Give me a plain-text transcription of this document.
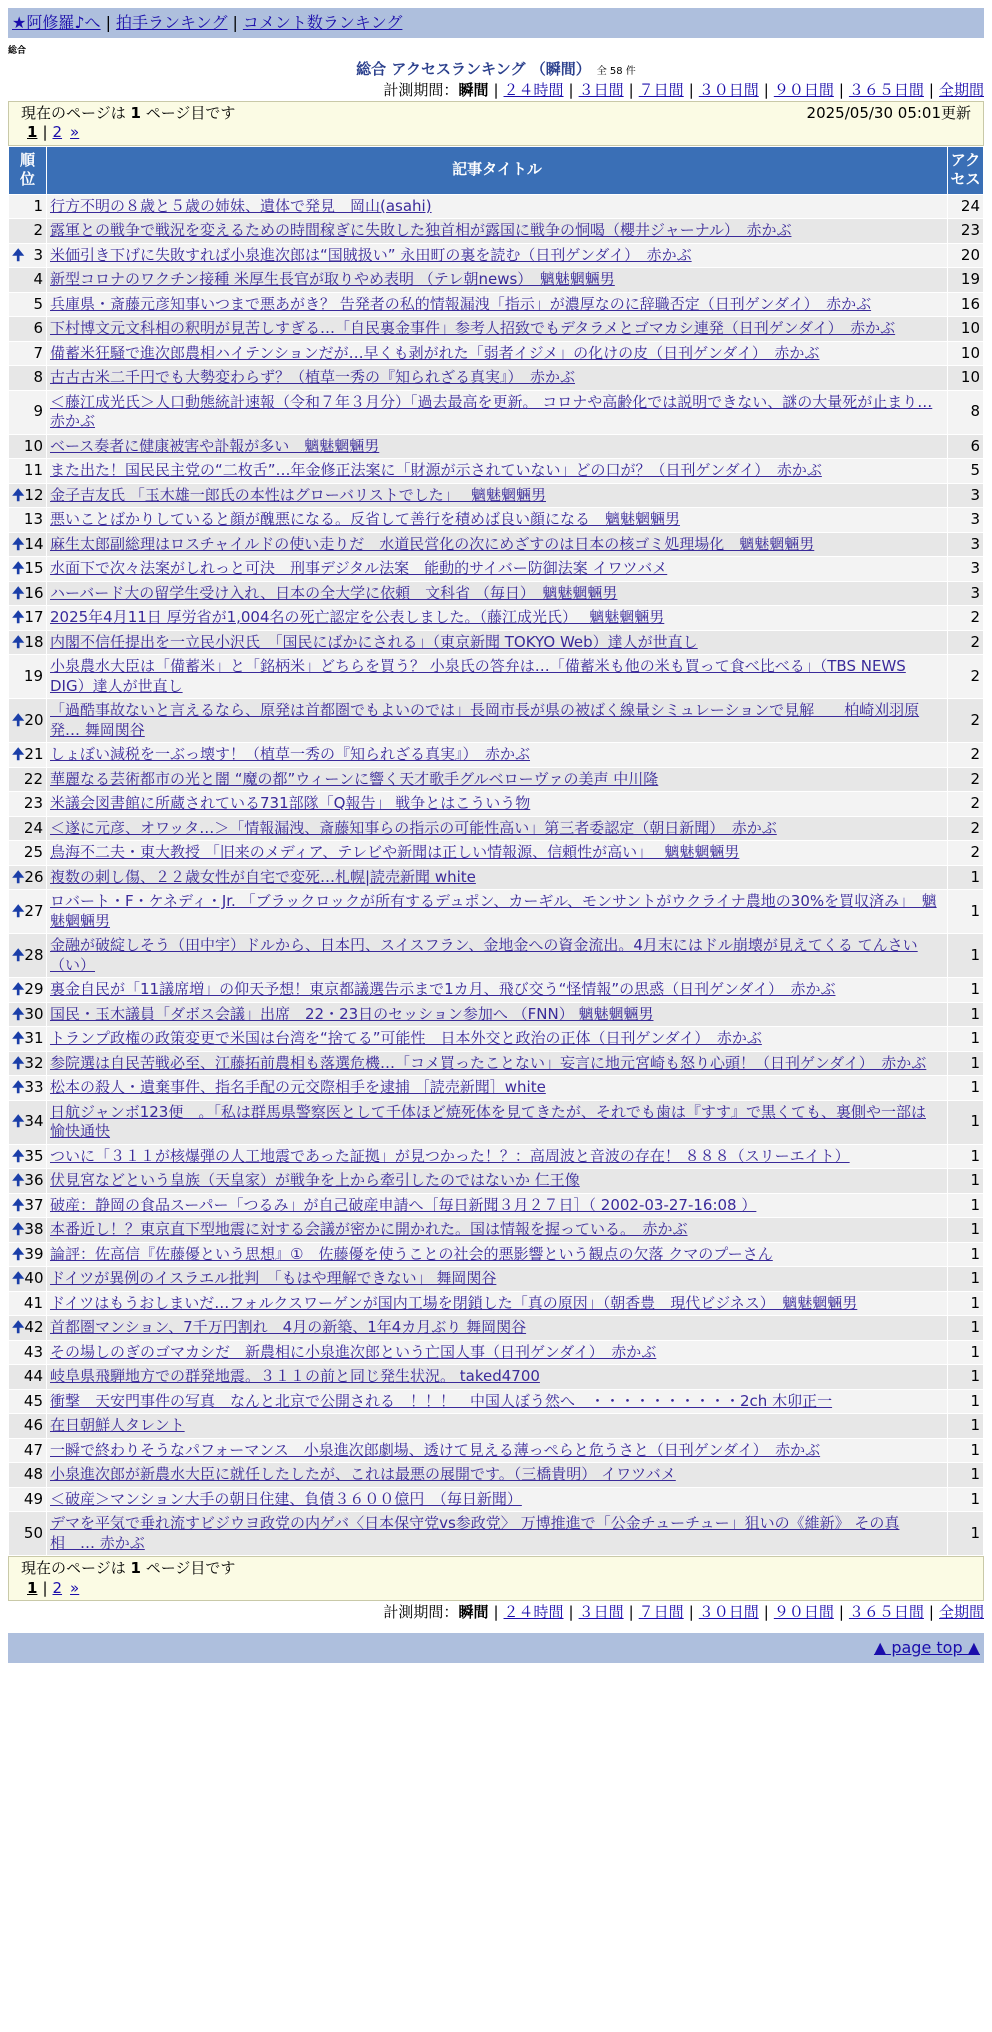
★阿修羅♪へ | 拍手ランキング | コメント数ランキング
総合
総合 アクセスランキング （瞬間） 全 58 件
計測期間：瞬間 | ２４時間 | ３日間 | ７日間 | ３０日間 | ９０日間 | ３６５日間 | 全期間
現在のページは 1 ページ目です	2025/05/30 05:01更新
1 | 2 »
順位	記事タイトル	アクセス
1	行方不明の８歳と５歳の姉妹、遺体で発見　岡山(asahi)	24
2	露軍との戦争で戦況を変えるための時間稼ぎに失敗した独首相が露国に戦争の恫喝（櫻井ジャーナル）　赤かぶ	23

🠉 3	米価引き下げに失敗すれば小泉進次郎は“国賊扱い” 永田町の裏を読む（日刊ゲンダイ）　赤かぶ	20
4	新型コロナのワクチン接種 米厚生長官が取りやめ表明 （テレ朝news）　魑魅魍魎男	19
5	兵庫県・斎藤元彦知事いつまで悪あがき？ 告発者の私的情報漏洩「指示」が濃厚なのに辞職否定（日刊ゲンダイ）　赤かぶ	16
6	下村博文元文科相の釈明が見苦しすぎる…「自民裏金事件」参考人招致でもデタラメとゴマカシ連発（日刊ゲンダイ）　赤かぶ	10
7	備蓄米狂騒で進次郎農相ハイテンションだが…早くも剥がれた「弱者イジメ」の化けの皮（日刊ゲンダイ）　赤かぶ	10
8	古古古米二千円でも大勢変わらず？（植草一秀の『知られざる真実』）　赤かぶ	10
9	＜藤江成光氏＞人口動態統計速報（令和７年３月分）「過去最高を更新。 コロナや高齢化では説明できない、謎の大量死が止まり… 赤かぶ	8
10	ベース奏者に健康被害や訃報が多い　魑魅魍魎男	6
11	また出た！国民民主党の“二枚舌”…年金修正法案に「財源が示されていない」どの口が？（日刊ゲンダイ）　赤かぶ	5

🠉 12	金子吉友氏 「玉木雄一郎氏の本性はグローバリストでした」　 魑魅魍魎男	3
13	悪いことばかりしていると顔が醜悪になる。反省して善行を積めば良い顔になる　魑魅魍魎男	3

🠉 14	麻生太郎副総理はロスチャイルドの使い走りだ　水道民営化の次にめざすのは日本の核ゴミ処理場化　魑魅魍魎男	3

🠉 15	水面下で次々法案がしれっと可決　刑事デジタル法案　能動的サイバー防御法案 イワツバメ	3

🠉 16	ハーバード大の留学生受け入れ、日本の全大学に依頼　文科省 （毎日）　魑魅魍魎男	3

🠉 17	2025年4月11日 厚労省が1,004名の死亡認定を公表しました。（藤江成光氏）　 魑魅魍魎男	2

🠉 18	内閣不信任提出を一立民小沢氏　「国民にばかにされる」（東京新聞 TOKYO Web）達人が世直し	2
19	小泉農水大臣は「備蓄米」と「銘柄米」どちらを買う？ 小泉氏の答弁は…「備蓄米も他の米も買って食べ比べる」（TBS NEWS DIG）達人が世直し	2

🠉 20	「過酷事故ないと言えるなら、原発は首都圏でもよいのでは」長岡市長が県の被ばく線量シミュレーションで見解　　柏崎刈羽原発… 舞岡関谷	2

🠉 21	しょぼい減税を一ぶっ壊す！（植草一秀の『知られざる真実』）　赤かぶ	2
22	華麗なる芸術都市の光と闇 “魔の都”ウィーンに響く天才歌手グルベローヴァの美声 中川隆	2
23	米議会図書館に所蔵されている731部隊「Q報告」 戦争とはこういう物	2
24	＜遂に元彦、オワッタ…＞「情報漏洩、斎藤知事らの指示の可能性高い」第三者委認定（朝日新聞）　赤かぶ	2
25	鳥海不二夫・東大教授 「旧来のメディア、テレビや新聞は正しい情報源、信頼性が高い」　 魑魅魍魎男	2

🠉 26	複数の刺し傷、２２歳女性が自宅で変死…札幌|読売新聞 white	1

🠉 27	ロバート・F・ケネディ・Jr. 「ブラックロックが所有するデュポン、カーギル、モンサントがウクライナ農地の30%を買収済み」　魑魅魍魎男	1

🠉 28	金融が破綻しそう（田中宇）ドルから、日本円、スイスフラン、金地金への資金流出。4月末にはドル崩壊が見えてくる てんさい（い）	1

🠉 29	裏金自民が「11議席増」の仰天予想！東京都議選告示まで1カ月、飛び交う“怪情報”の思惑（日刊ゲンダイ）　赤かぶ	1

🠉 30	国民・玉木議員「ダボス会議」出席　22・23日のセッション参加へ （FNN） 魑魅魍魎男	1

🠉 31	トランプ政権の政策変更で米国は台湾を“捨てる”可能性　日本外交と政治の正体（日刊ゲンダイ）　赤かぶ	1

🠉 32	参院選は自民苦戦必至、江藤拓前農相も落選危機…「コメ買ったことない」妄言に地元宮崎も怒り心頭！（日刊ゲンダイ）　赤かぶ	1

🠉 33	松本の殺人・遺棄事件、指名手配の元交際相手を逮捕 ［読売新聞］white	1

🠉 34	日航ジャンボ123便　。「私は群馬県警察医として千体ほど焼死体を見てきたが、それでも歯は『すす』で黒くても、裏側や一部は 愉快通快	1

🠉 35	ついに「３１１が核爆弾の人工地震であった証拠」が見つかった！？：高周波と音波の存在！ ８８８（スリーエイト）	1

🠉 36	伏見宮などという皇族（天皇家）が戦争を上から牽引したのではないか 仁王像	1

🠉 37	破産：静岡の食品スーパー「つるみ」が自己破産申請へ［毎日新聞３月２７日］（ 2002-03-27-16:08 ）	1

🠉 38	本番近し！？東京直下型地震に対する会議が密かに開かれた。国は情報を握っている。　赤かぶ	1

🠉 39	論評：佐高信『佐藤優という思想』①　佐藤優を使うことの社会的悪影響という観点の欠落 クマのプーさん	1

🠉 40	ドイツが異例のイスラエル批判　「もはや理解できない」 舞岡関谷	1
41	ドイツはもうおしまいだ…フォルクスワーゲンが国内工場を閉鎖した「真の原因」（朝香豊　現代ビジネス）　魑魅魍魎男	1

🠉 42	首都圏マンション、7千万円割れ　4月の新築、1年4カ月ぶり 舞岡関谷	1
43	その場しのぎのゴマカシだ　新農相に小泉進次郎という亡国人事（日刊ゲンダイ）　赤かぶ	1
44	岐阜県飛騨地方での群発地震。３１１の前と同じ発生状況。 taked4700	1
45	衝撃　天安門事件の写真　なんと北京で公開される　！！！　中国人ぼう然へ　・・・・・・・・・・2ch 木卯正一	1
46	在日朝鮮人タレント	1
47	一瞬で終わりそうなパフォーマンス　小泉進次郎劇場、透けて見える薄っぺらと危うさと（日刊ゲンダイ）　赤かぶ	1
48	小泉進次郎が新農水大臣に就任したしたが、これは最悪の展開です。（三橋貴明） イワツバメ	1
49	＜破産＞マンション大手の朝日住建、負債３６００億円　（毎日新聞）	1
50	デマを平気で垂れ流すビジウヨ政党の内ゲバ〈日本保守党vs参政党〉 万博推進で「公金チューチュー」狙いの《維新》 その真相　… 赤かぶ	1
現在のページは 1 ページ目です
1 | 2 »
計測期間：瞬間 | ２４時間 | ３日間 | ７日間 | ３０日間 | ９０日間 | ３６５日間 | 全期間
▲ page top ▲
